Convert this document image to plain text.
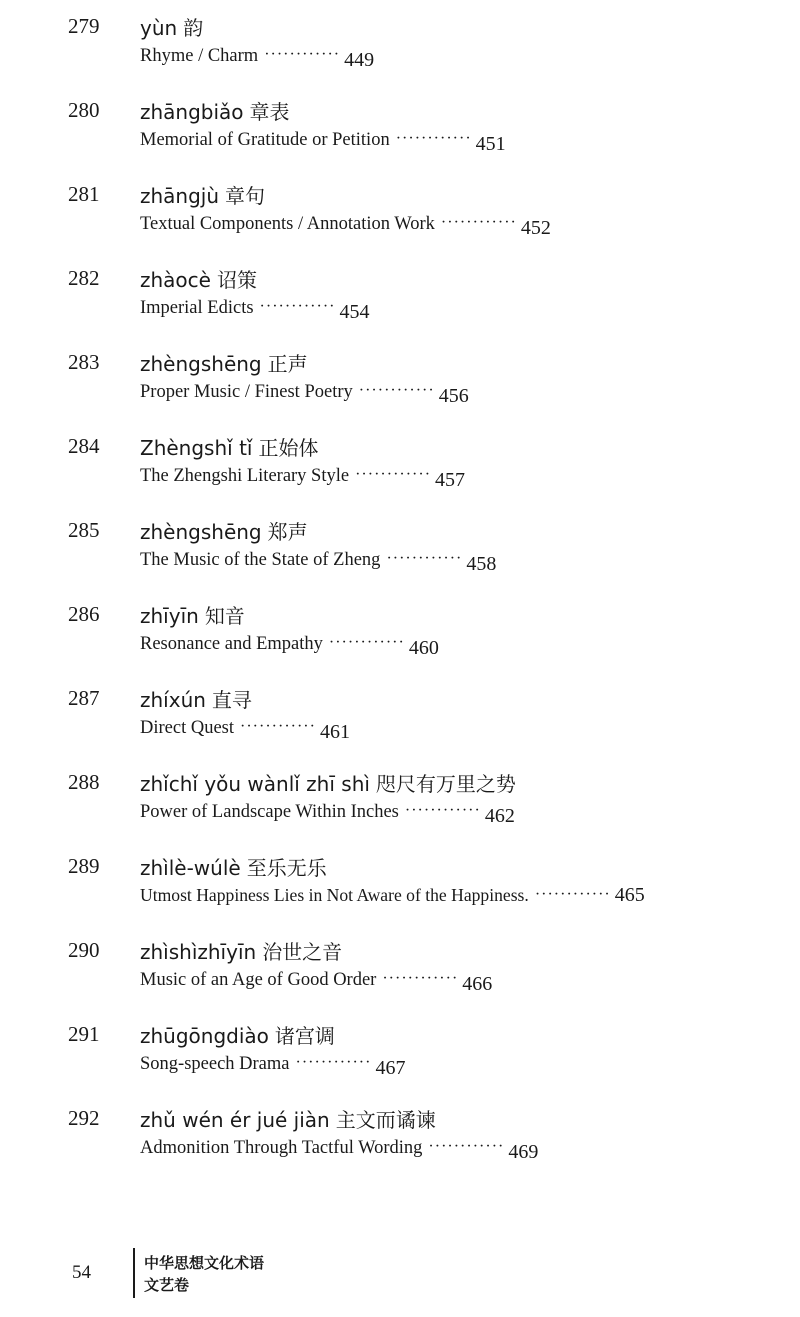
279 yùn 韵
Rhyme / Charm ············ 449
280 zhāngbiǎo 章表
Memorial of Gratitude or Petition ············ 451
281 zhāngjù 章句
Textual Components / Annotation Work ············ 452
282 zhàocè 诏策
Imperial Edicts ············ 454
283 zhèngshēng 正声
Proper Music / Finest Poetry ············ 456
284 Zhèngshǐ tǐ 正始体
The Zhengshi Literary Style ············ 457
285 zhèngshēng 郑声
The Music of the State of Zheng ············ 458
286 zhīyīn 知音
Resonance and Empathy ············ 460
287 zhíxún 直寻
Direct Quest ············ 461
288 zhǐchǐ yǒu wànlǐ zhī shì 咫尺有万里之势
Power of Landscape Within Inches ············ 462
289 zhìlè-wúlè 至乐无乐
Utmost Happiness Lies in Not Aware of the Happiness. ············ 465
290 zhìshìzhīyīn 治世之音
Music of an Age of Good Order ············ 466
291 zhūgōngdiào 诸宫调
Song-speech Drama ············ 467
292 zhǔ wén ér jué jiàn 主文而谲谏
Admonition Through Tactful Wording ············ 469
54	中华思想文化术语
文艺卷
